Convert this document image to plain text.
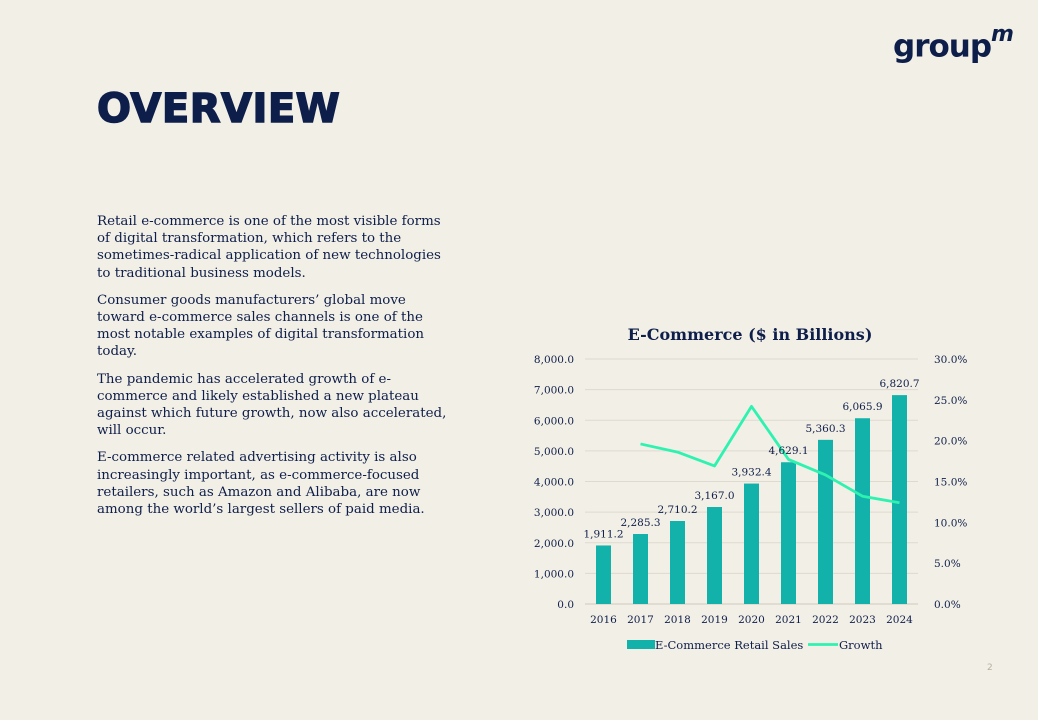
group$^m$
OVERVIEW

Retail e-commerce is one of the most visible forms of digital transformation, which refers to the sometimes-radical application of new technologies to traditional business models.

Consumer goods manufacturers’ global move toward e-commerce sales channels is one of the most notable examples of digital transformation today.

The pandemic has accelerated growth of e-commerce and likely established a new plateau against which future growth, now also accelerated, will occur.

E-commerce related advertising activity is also increasingly important, as e-commerce-focused retailers, such as Amazon and Alibaba, are now among the world’s largest sellers of paid media.

E-Commerce ($ in Billions)
1,911.2
2,285.3
2,710.2
3,167.0
3,932.4
4,629.1
5,360.3
6,065.9
6,820.7
0.0
1,000.0
2,000.0
3,000.0
4,000.0
5,000.0
6,000.0
7,000.0
8,000.0
0.0%
5.0%
10.0%
15.0%
20.0%
25.0%
30.0%
2016 2017 2018 2019 2020 2021 2022 2023 2024
E-Commerce Retail Sales	Growth
2
